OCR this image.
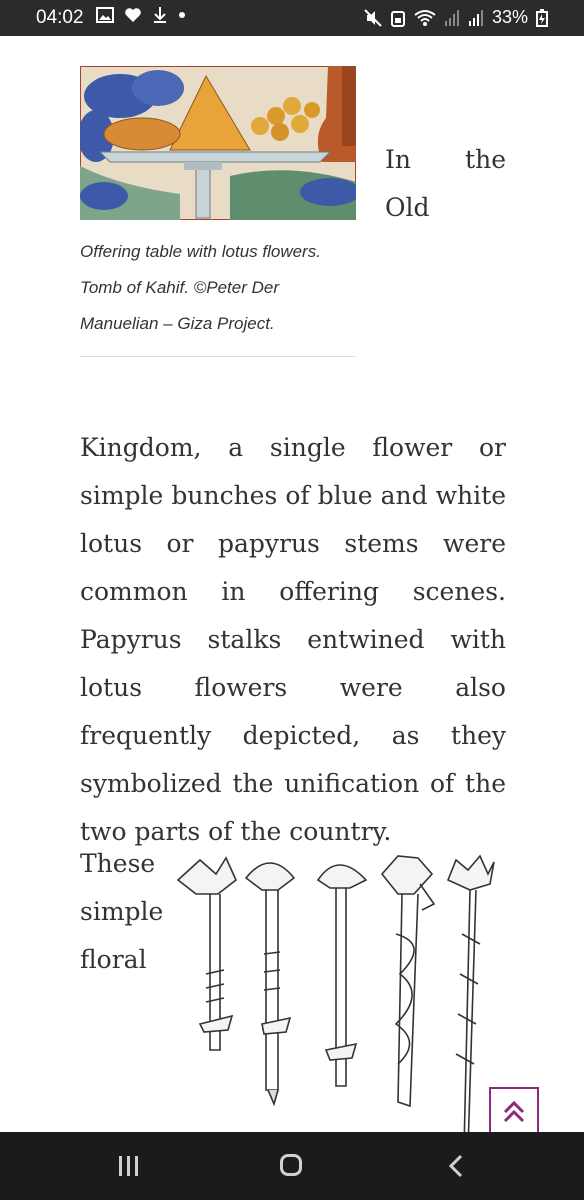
04:02	33%

In the Old Kingdom, a single flower or simple bunches of blue and white lotus or papyrus stems were common in offering scenes. Papyrus stalks entwined with lotus flowers were also frequently depicted, as they symbolized the unification of the two parts of the country.

Offering table with lotus flowers. Tomb of Kahif. ©Peter Der Manuelian – Giza Project.

These simple floral
